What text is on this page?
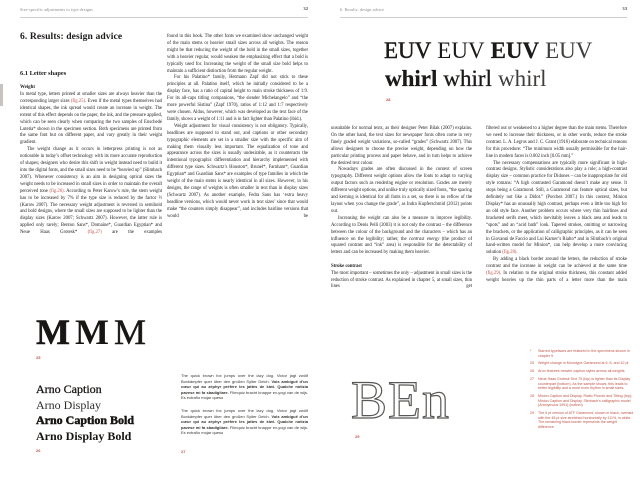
Size-specific adjustments to type designs	32
6. Results: design advice
6.1 Letter shapes
Weight

In metal type, letters printed at smaller sizes are always heavier than the corresponding larger sizes (fig.25). Even if the metal types themselves had identical shapes, the ink spread would create an increase in weight. The extent of this effect depends on the paper, the ink, and the pressure applied, which can be seen clearly when comparing the two samples of Enschedé Lutetia* shown in the specimen section. Both specimens are printed from the same font but on different paper, and vary greatly in their weight gradient.

The weight change as it occurs in letterpress printing is not as noticeable in today’s offset technology with its more accurate reproduction of shapes; designers who desire this shift in weight instead need to build it into the digital fonts, and the small sizes need to be “heavied up” (Slimbach 2007). Whenever consistency is an aim in designing optical sizes the weight needs to be increased in small sizes in order to maintain the overall perceived tone (fig.26). According to Peter Karow’s rule, the stem weight has to be increased by 7% if the type size is reduced by the factor ½ (Karow 2007). The necessary weight adjustment is reversed in semibold and bold designs, where the small sizes are supposed to be lighter than the display sizes (Karow 2007; Schwartz 2007). However, the latter rule is applied only rarely; Benton Sans*, Domaine*, Guardian Egyptian* and Neue Haas Grotesk* (fig.27) are the examples

found in this book. The other fonts we examined show unchanged weight of the main stems or heavier small sizes across all weights. The reason might be that reducing the weight of the bold in the small sizes, together with a heavier regular, would weaken the emphasizing effect that a bold is typically used for. Increasing the weight of the small size bold helps to maintain a sufficient distinction from the regular weight.

For his Palatino* family, Hermann Zapf did not stick to these principles at all. Palatino itself, which he initially considered to be a display face, has a ratio of capital height to main stroke thickness of 1:9. For its all-caps titling companions, “the slender Michelangelo” and “the more powerful Sistina” (Zapf 1970), ratios of 1:12 and 1:7 respectively were chosen. Aldus, however, which was developed as the text face of the family, shows a weight of 1:11 and is in fact lighter than Palatino (ibid.).

Weight adjustment for visual consistency is not obligatory. Typically, headlines are supposed to stand out, and captions or other secondary typographic elements are set in a smaller size with the specific aim of making them visually less important. The equalization of tone and appearance across the sizes is usually undesirable, as it counteracts the intentional typographic differentiation and hierarchy implemented with different type sizes. Schwartz’s Houston*, Brunel*, Farnham*, Guardian Egyptian* and Guardian Sans* are examples of type families in which the weight of the main stems is nearly identical in all sizes. However, in his designs, the range of weights is often smaller in text than in display sizes (Schwartz 2007). As another example, Fedra Sans has ‘extra heavy headline versions, which would never work in text sizes’ since that would make “the counters simply disappear”, and includes hairline versions that would be

M M M
25
Arno Caption
Arno Display
Arno Caption Bold
Arno Display Bold
26

The quick brown fox jumps over the lazy dog. Victor jagt zwölf Boxkämpfer quer über den großen Sylter Deich. Voix ambiguë d’un cœur qui au zéphyr préfère les jattes de kiwi. Qualche notizia pavese mi fa sbadigliare. Filmquiz bracht knappe ex-yogi van de wijs. Es extraño mojar queso

The quick brown fox jumps over the lazy dog. Victor jagt zwölf Boxkämpfer quer über den großen Sylter Deich. Voix ambiguë d’un cœur qui au zéphyr préfère les jattes de kiwi. Qualche notizia pavese mi fa sbadigliare. Filmquiz bracht knappe ex-yogi van de wijs. Es extraño mojar queso

27
6. Results: design advice	33
EUV EUV EUV EUV
whirl whirl whirl
28

unsuitable for normal texts, as their designer Peter Bilak (2007) explains. On the other hand, the text sizes for newspaper fonts often come in very finely graded weight variations, so-called “grades” (Schwartz 2007). This allows designers to choose the precise weight, depending on how the particular printing process and paper behave, and in turn helps to achieve the desired text colour.

Nowadays grades are often discussed in the context of screen typography. Different weight options allow the fonts to adapt to varying output factors such as rendering engine or resolution. Grades are merely different weight options, and unlike truly optically sized fonts, “the spacing and kerning is identical for all fonts in a set, so there is no reflow of the layout when you change the grade”, as Indra Kupferschmid (2012) points out.

Increasing the weight can also be a measure to improve legibility. According to Denis Pelli (2003) it is not only the contrast – the difference between the colour of the background and the characters – which has an influence on the legibility; rather, the contrast energy (the product of squared contrast and “ink” area) is responsible for the detectability of letters and can be increased by making them heavier.

Stroke contrast

The most important – sometimes the only – adjustment in small sizes is the reduction of stroke contrast. As explained in chapter 5, at small sizes, thin lines get

filtered out or weakened to a higher degree than the main stems. Therefore we need to increase their thickness, or in other words, reduce the stroke contrast. L. A. Legros and J. C. Grant (1916) elaborate on technical reasons for this procedure: “The minimum width usually permissible for the hair-line in modern faces is 0.002 inch [0.05 mm].”

The necessary compensations are typically more significant in high-contrast designs. Stylistic considerations also play a role; a high-contrast display size – common practice for Didones – can be inappropriate for old style romans: “A high contrasted Garamond doesn’t make any sense. It stops being a Garamond. Still, a Garamond can feature optical sizes, but definitely not like a Didot.” (Porchez 2007.) In this context, Minion Display* has an unusually high contrast, perhaps even a little too high for an old style face. Another problem occurs where very thin hairlines and bracketed serifs meet, which inevitably leaves a black area and leads to “spots” and an “acid bath” look. Tapered strokes, omitting or narrowing the brackets, or the application of calligraphic principles, as it can be seen in Giovanni de Faccio and Lui Karner’s Rialto* and in Slimbach’s original hand-written model for Minion*, can help develop a more convincing solution (fig.28).

By adding a black border around the letters, the reduction of stroke contrast and the increase in weight can be achieved at the same time (fig.29). In relation to the original stroke thickness, this constant added weight heavies up the thin parts of a letter more than the main

BEn
29
* Starred typefaces are featured in the specimens shown in chapter 9.
25 Weight change in Monotype Garamond at 6, 8, and 42 pt
26 Arno features heavier caption styles across all weights
27 Neue Haas Grotesk Text 75 (top) is lighter than its Display counterpart (bottom). As the sample shows, this leads to better legibility and a more even rhythm in small sizes.
28 Minion Caption and Display, Rialto Piccolo and Titling (top); Minion Caption and Display, Slimbach’s calligraphic model (Anonymous 1991) (bottom)
29 The 6 pt version of ATF Garamond, shown in black, overlaid with the 48 pt size stretched horizontally by 111%, in white. The remaining black border represents the weight difference.
